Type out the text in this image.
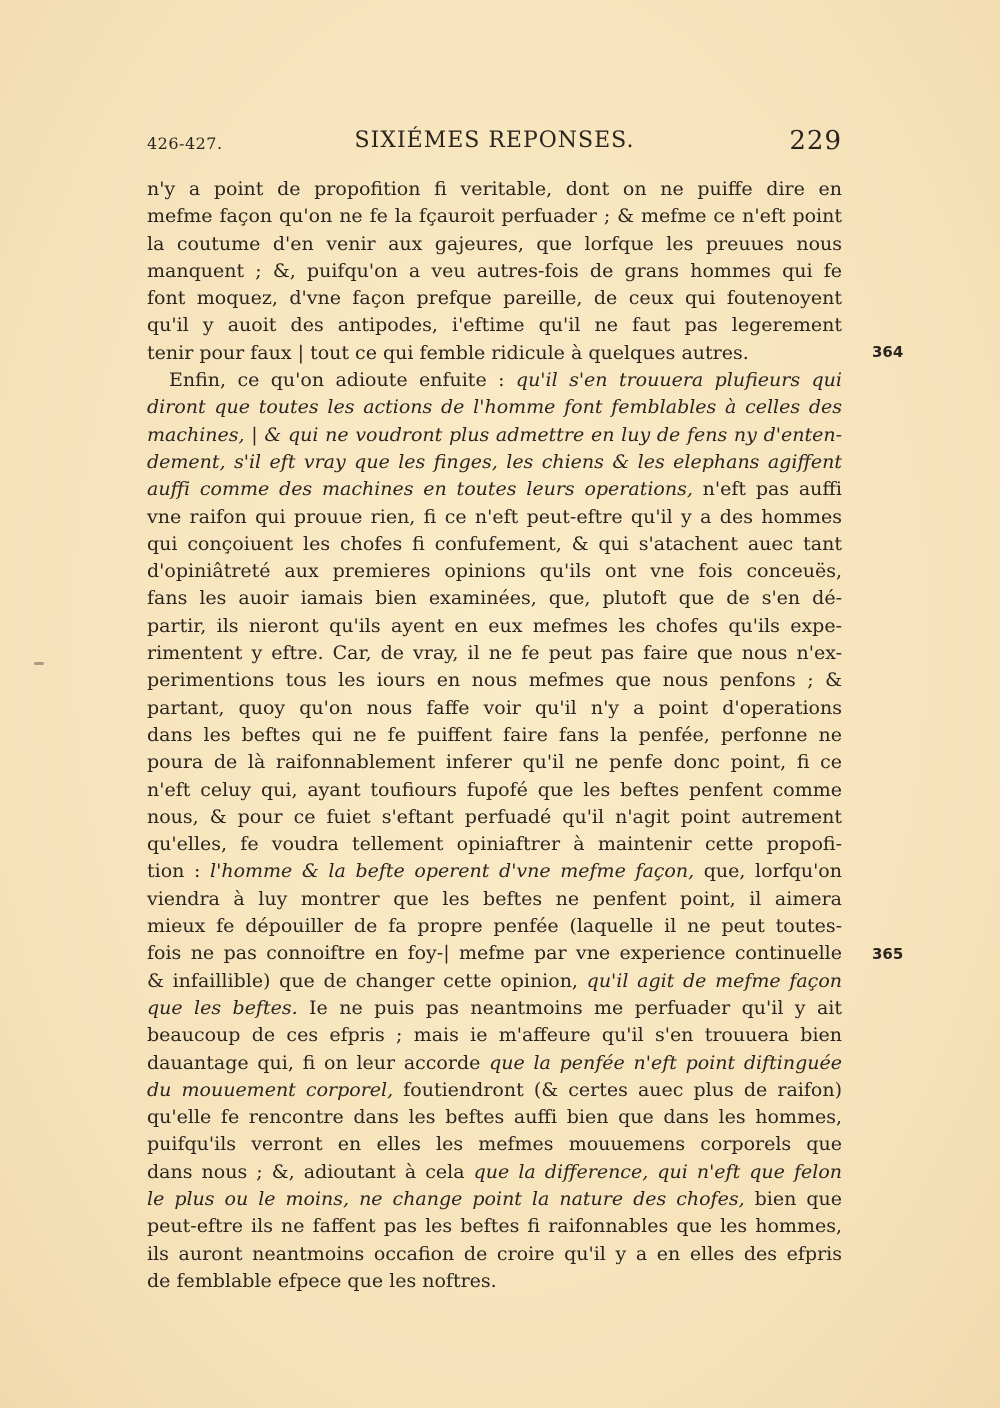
426-427.	SIXIÉMES REPONSES.	229
n'y a point de propofition fi veritable, dont on ne puiffe dire en
mefme façon qu'on ne fe la fçauroit perfuader ; & mefme ce n'eft point
la coutume d'en venir aux gajeures, que lorfque les preuues nous
manquent ; &, puifqu'on a veu autres-fois de grans hommes qui fe
font moquez, d'vne façon prefque pareille, de ceux qui foutenoyent
qu'il y auoit des antipodes, i'eftime qu'il ne faut pas legerement
tenir pour faux | tout ce qui femble ridicule à quelques autres.
Enfin, ce qu'on adioute enfuite : qu'il s'en trouuera plufieurs qui
diront que toutes les actions de l'homme font femblables à celles des
machines, | & qui ne voudront plus admettre en luy de fens ny d'enten-
dement, s'il eft vray que les finges, les chiens & les elephans agiffent
auffi comme des machines en toutes leurs operations, n'eft pas auffi
vne raifon qui prouue rien, fi ce n'eft peut-eftre qu'il y a des hommes
qui conçoiuent les chofes fi confufement, & qui s'atachent auec tant
d'opiniâtreté aux premieres opinions qu'ils ont vne fois conceuës,
fans les auoir iamais bien examinées, que, plutoft que de s'en dé-
partir, ils nieront qu'ils ayent en eux mefmes les chofes qu'ils expe-
rimentent y eftre. Car, de vray, il ne fe peut pas faire que nous n'ex-
perimentions tous les iours en nous mefmes que nous penfons ; &
partant, quoy qu'on nous faffe voir qu'il n'y a point d'operations
dans les beftes qui ne fe puiffent faire fans la penfée, perfonne ne
poura de là raifonnablement inferer qu'il ne penfe donc point, fi ce
n'eft celuy qui, ayant toufiours fupofé que les beftes penfent comme
nous, & pour ce fuiet s'eftant perfuadé qu'il n'agit point autrement
qu'elles, fe voudra tellement opiniaftrer à maintenir cette propofi-
tion : l'homme & la befte operent d'vne mefme façon, que, lorfqu'on
viendra à luy montrer que les beftes ne penfent point, il aimera
mieux fe dépouiller de fa propre penfée (laquelle il ne peut toutes-
fois ne pas connoiftre en foy-| mefme par vne experience continuelle
& infaillible) que de changer cette opinion, qu'il agit de mefme façon
que les beftes. Ie ne puis pas neantmoins me perfuader qu'il y ait
beaucoup de ces efpris ; mais ie m'affeure qu'il s'en trouuera bien
dauantage qui, fi on leur accorde que la penfée n'eft point diftinguée
du mouuement corporel, foutiendront (& certes auec plus de raifon)
qu'elle fe rencontre dans les beftes auffi bien que dans les hommes,
puifqu'ils verront en elles les mefmes mouuemens corporels que
dans nous ; &, adioutant à cela que la difference, qui n'eft que felon
le plus ou le moins, ne change point la nature des chofes, bien que
peut-eftre ils ne faffent pas les beftes fi raifonnables que les hommes,
ils auront neantmoins occafion de croire qu'il y a en elles des efpris
de femblable efpece que les noftres.
364
365
